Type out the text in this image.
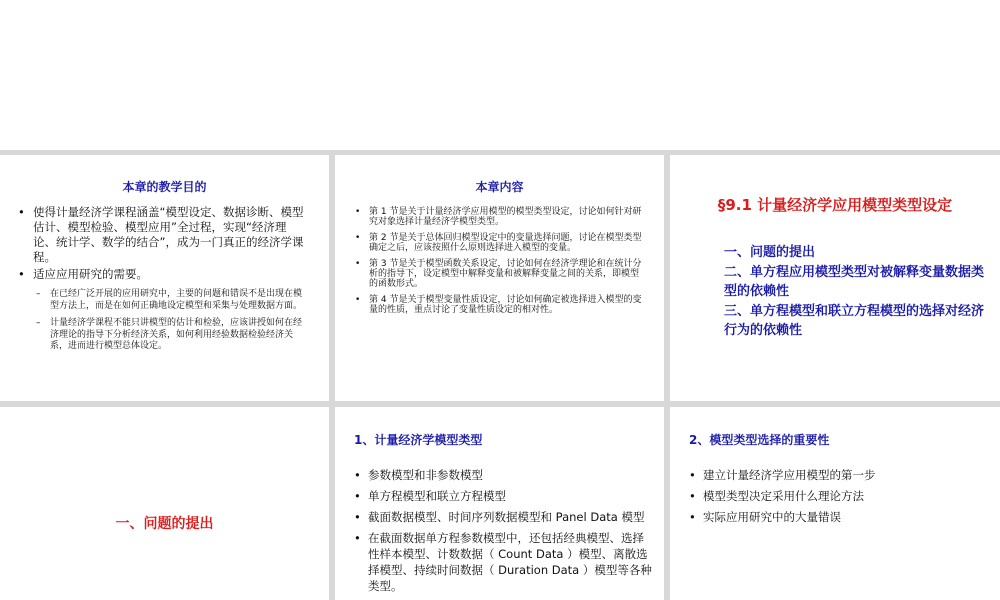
本章的教学目的
• 使得计量经济学课程涵盖“模型设定、数据诊断、模型估计、模型检验、模型应用”全过程，实现“经济理论、统计学、数学的结合”，成为一门真正的经济学课程。
• 适应应用研究的需要。
– 在已经广泛开展的应用研究中，主要的问题和错误不是出现在模型方法上，而是在如何正确地设定模型和采集与处理数据方面。
– 计量经济学课程不能只讲模型的估计和检验，应该讲授如何在经济理论的指导下分析经济关系，如何利用经验数据检验经济关系，进而进行模型总体设定。
本章内容
• 第 1 节是关于计量经济学应用模型的模型类型设定，讨论如何针对研究对象选择计量经济学模型类型。
• 第 2 节是关于总体回归模型设定中的变量选择问题，讨论在模型类型确定之后，应该按照什么原则选择进入模型的变量。
• 第 3 节是关于模型函数关系设定，讨论如何在经济学理论和在统计分析的指导下，设定模型中解释变量和被解释变量之间的关系，即模型的函数形式。
• 第 4 节是关于模型变量性质设定，讨论如何确定被选择进入模型的变量的性质，重点讨论了变量性质设定的相对性。
§9.1 计量经济学应用模型类型设定
一、问题的提出
二、单方程应用模型类型对被解释变量数据类型的依赖性
三、单方程模型和联立方程模型的选择对经济行为的依赖性
一、问题的提出
1、计量经济学模型类型
• 参数模型和非参数模型
• 单方程模型和联立方程模型
• 截面数据模型、时间序列数据模型和 Panel Data 模型
• 在截面数据单方程参数模型中，还包括经典模型、选择性样本模型、计数数据（ Count Data ）模型、离散选择模型、持续时间数据（ Duration Data ）模型等各种类型。
2、模型类型选择的重要性
• 建立计量经济学应用模型的第一步
• 模型类型决定采用什么理论方法
• 实际应用研究中的大量错误
